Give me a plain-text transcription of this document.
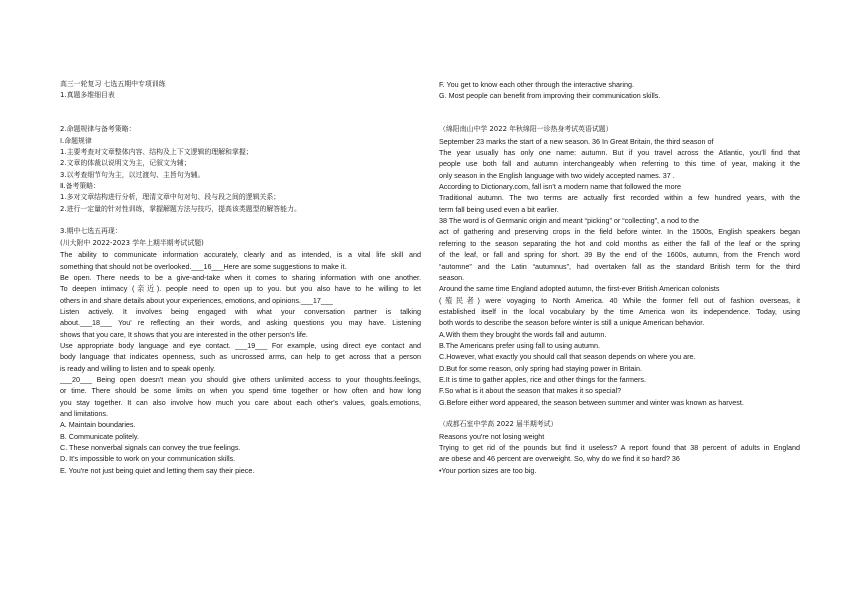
高三一轮复习 七选五期中专项训练
1.真题多维细目表
2.命题规律与备考策略：
Ⅰ.命题规律
1.主要考查对文章整体内容、结构及上下文逻辑的理解和掌握；
2.文章的体裁以说明文为主，记叙文为辅；
3.以考查细节句为主，以过渡句、主旨句为辅。
Ⅱ.备考策略：
1.多对文章结构进行分析，理清文章中句对句、段与段之间的逻辑关系；
2.进行一定量的针对性训练，掌握解题方法与技巧，提高该类题型的解答能力。
3.期中七选五再现：
(川大附中 2022-2023 学年上期半期考试试题)
The ability to communicate information accurately, clearly and as intended, is a vital life skill and
something that should not be overlooked.___16___Here are some suggestions to make it.
Be open. There needs to be a give-and-take when it comes to sharing information with one another.
To deepen intimacy (亲近). people need to open up to you. but you also have to he willing to let
others in and share details about your experiences, emotions, and opinions.___17___
Listen actively. It involves being engaged with what your conversation partner is talking
about.___18___ You' re reflecting an their words, and asking questions you may have. Listening
shows that you care, It shows that you are interested in the other person's life.
Use appropriate body language and eye contact. ___19___ For example, using direct eye contact and
body language that indicates openness, such as uncrossed arms, can help to get across that a person
is ready and willing to listen and to speak openly.
___20___ Being open doesn't mean you should give others unlimited access to your thoughts.feelings,
or time. There should be some limits on when you spend time together or how often and how long
you stay together. It can also involve how much you care about each other's values, goals.emotions,
and limitations.
A. Maintain boundaries.
B. Communicate politely.
C. These nonverbal signals can convey the true feelings.
D. It's impossible to work on your communication skills.
E. You're not just being quiet and letting them say their piece.
F. You get to know each other through the interactive sharing.
G. Most people can benefit from improving their communication skills.
（绵阳南山中学 2022 年秋绵阳一诊热身考试英语试题）
September 23 marks the start of a new season. 36 In Great Britain, the third season of
The year usually has only one name: autumn. But if you travel across the Atlantic, you’ll find that
people use both fall and autumn interchangeably when referring to this time of year, making it the
only season in the English language with two widely accepted names. 37 .
According to Dictionary.com, fall isn’t a modern name that followed the more
Traditional autumn. The two terms are actually first recorded within a few hundred years, with the
term fall being used even a bit earlier.
38 The word is of Germanic origin and meant “picking” or “collecting”, a nod to the
act of gathering and preserving crops in the field before winter. In the 1500s, English speakers began
referring to the season separating the hot and cold months as either the fall of the leaf or the spring
of the leaf, or fall and spring for short. 39 By the end of the 1600s, autumn, from the French word
“automne” and the Latin “autumnus”, had overtaken fall as the standard British term for the third
season.
Around the same time England adopted autumn, the first-ever British American colonists
(殖民者) were voyaging to North America. 40 While the former fell out of fashion overseas, it
established itself in the local vocabulary by the time America won its independence. Today, using
both words to describe the season before winter is still a unique American behavior.
A.With them they brought the words fall and autumn.
B.The Americans prefer using fall to using autumn.
C.However, what exactly you should call that season depends on where you are.
D.But for some reason, only spring had staying power in Britain.
E.It is time to gather apples, rice and other things for the farmers.
F.So what is it about the season that makes it so special?
G.Before either word appeared, the season between summer and winter was known as harvest.
（成都石室中学高 2022 届半期考试）
Reasons you're not losing weight
Trying to get rid of the pounds but find it useless? A report found that 38 percent of adults in England
are obese and 46 percent are overweight. So, why do we find it so hard? 36
•Your portion sizes are too big.
